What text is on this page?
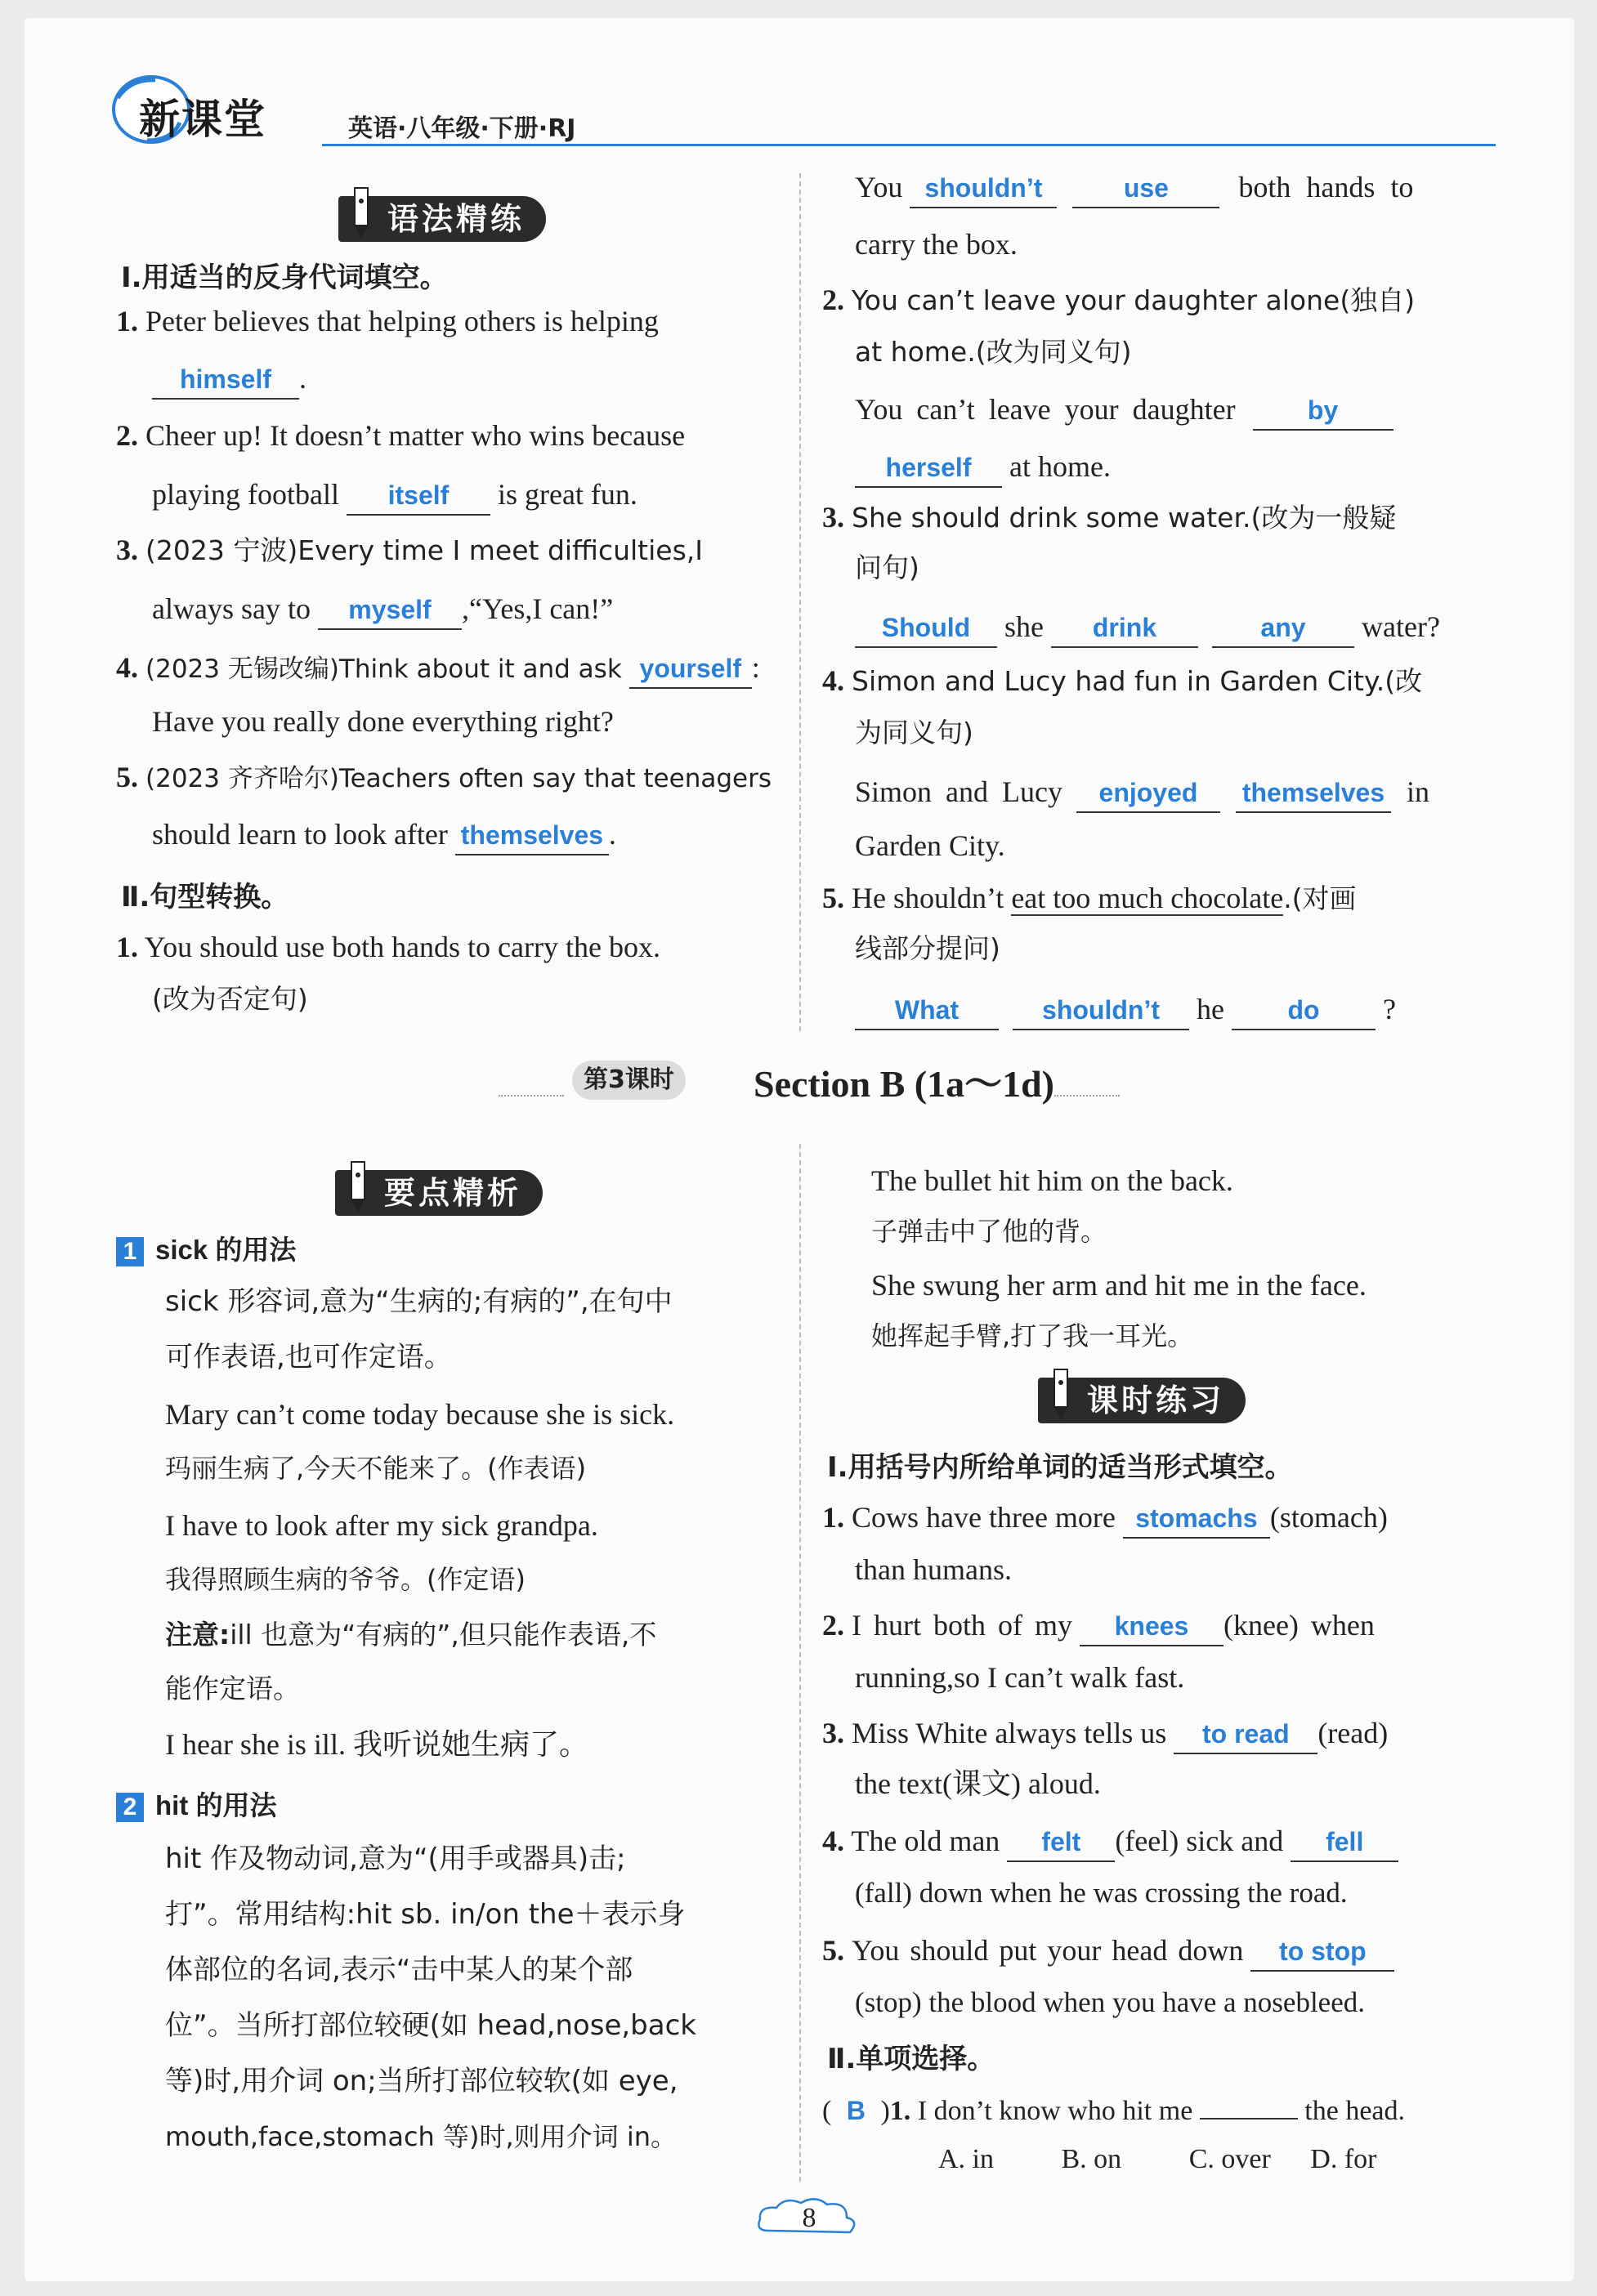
新课堂	英语·八年级·下册·RJ
语法精练
Ⅰ.用适当的反身代词填空。
1. Peter believes that helping others is helping
himself .
2. Cheer up! It doesn’t matter who wins because
playing football itself is great fun.
3. (2023 宁波)Every time I meet difficulties,I
always say to myself ,“Yes,I can!”
4. (2023 无锡改编)Think about it and ask yourself :
Have you really done everything right?
5. (2023 齐齐哈尔)Teachers often say that teenagers
should learn to look after themselves .
Ⅱ.句型转换。
1. You should use both hands to carry the box.
(改为否定句)
You shouldn’t	use both hands to
carry the box.
2. You can’t leave your daughter alone(独自)
at home.(改为同义句)
You can’t leave your daughter	by
herself at home.
3. She should drink some water.(改为一般疑
问句)
Should she drink	any water?
4. Simon and Lucy had fun in Garden City.(改
为同义句)
Simon and Lucy enjoyed themselves in
Garden City.
5. He shouldn’t eat too much chocolate.(对画
线部分提问)
What	shouldn’t he do ?
第3课时	Section B (1a～1d)
要点精析
1 sick 的用法
sick 形容词,意为“生病的;有病的”,在句中
可作表语,也可作定语。
Mary can’t come today because she is sick.
玛丽生病了,今天不能来了。(作表语)
I have to look after my sick grandpa.
我得照顾生病的爷爷。(作定语)
注意:ill 也意为“有病的”,但只能作表语,不
能作定语。
I hear she is ill. 我听说她生病了。
2 hit 的用法
hit 作及物动词,意为“(用手或器具)击;
打”。常用结构:hit sb. in/on the＋表示身
体部位的名词,表示“击中某人的某个部
位”。当所打部位较硬(如 head,nose,back
等)时,用介词 on;当所打部位较软(如 eye,
mouth,face,stomach 等)时,则用介词 in。
The bullet hit him on the back.
子弹击中了他的背。
She swung her arm and hit me in the face.
她挥起手臂,打了我一耳光。
课时练习
Ⅰ.用括号内所给单词的适当形式填空。
1. Cows have three more stomachs (stomach)
than humans.
2. I hurt both of my knees (knee) when
running,so I can’t walk fast.
3. Miss White always tells us to read (read)
the text(课文) aloud.
4. The old man felt (feel) sick and fell
(fall) down when he was crossing the road.
5. You should put your head down to stop
(stop) the blood when you have a nosebleed.
Ⅱ.单项选择。
( B )1. I don’t know who hit me	the head.
A. in B. on C. over D. for
8
